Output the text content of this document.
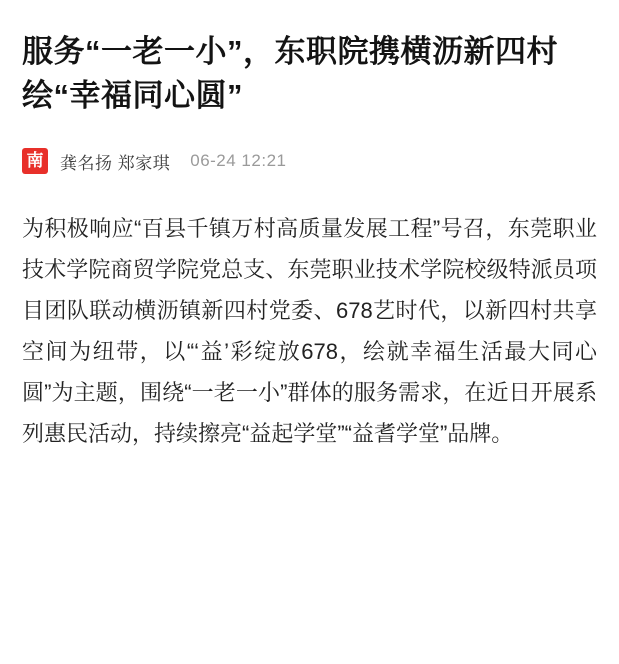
服务“一老一小”，东职院携横沥新四村绘“幸福同心圆”
南 龚名扬 郑家琪 06-24 12:21

为积极响应“百县千镇万村高质量发展工程”号召，东莞职业技术学院商贸学院党总支、东莞职业技术学院校级特派员项目团队联动横沥镇新四村党委、678艺时代，以新四村共享空间为纽带，以“‘益’彩绽放678，绘就幸福生活最大同心圆”为主题，围绕“一老一小”群体的服务需求，在近日开展系列惠民活动，持续擦亮“益起学堂”“益耆学堂”品牌。
